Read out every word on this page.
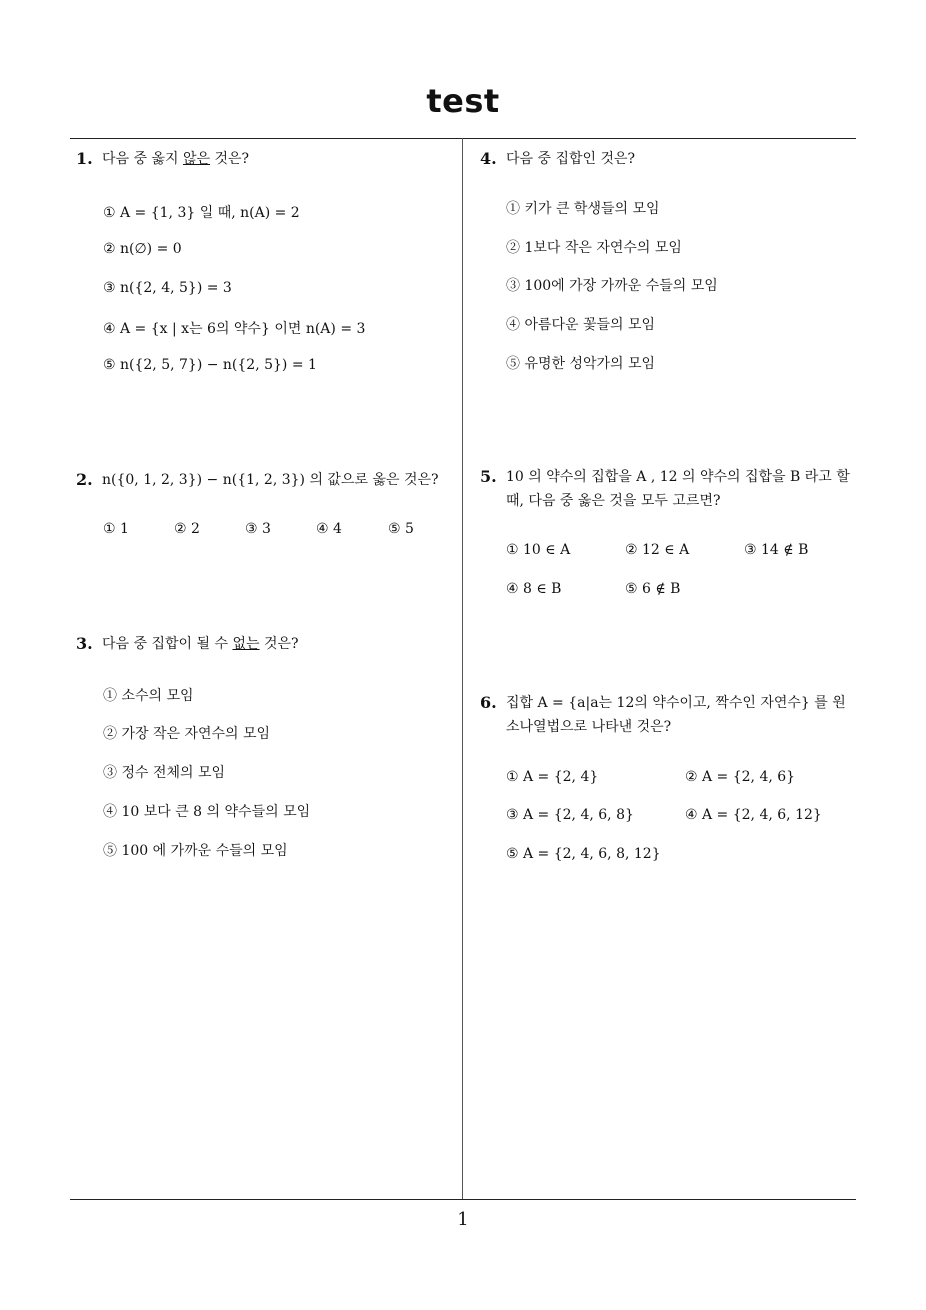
test
1
1. 다음 중 옳지 않은 것은?
① A = {1, 3} 일 때, n(A) = 2
② n(∅) = 0
③ n({2, 4, 5}) = 3
④ A = {x | x는 6의 약수} 이면 n(A) = 3
⑤ n({2, 5, 7}) − n({2, 5}) = 1
2. n({0, 1, 2, 3}) − n({1, 2, 3}) 의 값으로 옳은 것은?
① 1	② 2	③ 3	④ 4	⑤ 5
3. 다음 중 집합이 될 수 없는 것은?
① 소수의 모임
② 가장 작은 자연수의 모임
③ 정수 전체의 모임
④ 10 보다 큰 8 의 약수들의 모임
⑤ 100 에 가까운 수들의 모임
4. 다음 중 집합인 것은?
① 키가 큰 학생들의 모임
② 1보다 작은 자연수의 모임
③ 100에 가장 가까운 수들의 모임
④ 아름다운 꽃들의 모임
⑤ 유명한 성악가의 모임
5. 10 의 약수의 집합을 A , 12 의 약수의 집합을 B 라고 할 때, 다음 중 옳은 것을 모두 고르면?
① 10 ∈ A	② 12 ∈ A	③ 14 ∉ B
④ 8 ∈ B	⑤ 6 ∉ B
6. 집합 A = {a|a는 12의 약수이고, 짝수인 자연수} 를 원소나열법으로 나타낸 것은?
① A = {2, 4}	② A = {2, 4, 6}
③ A = {2, 4, 6, 8}	④ A = {2, 4, 6, 12}
⑤ A = {2, 4, 6, 8, 12}
